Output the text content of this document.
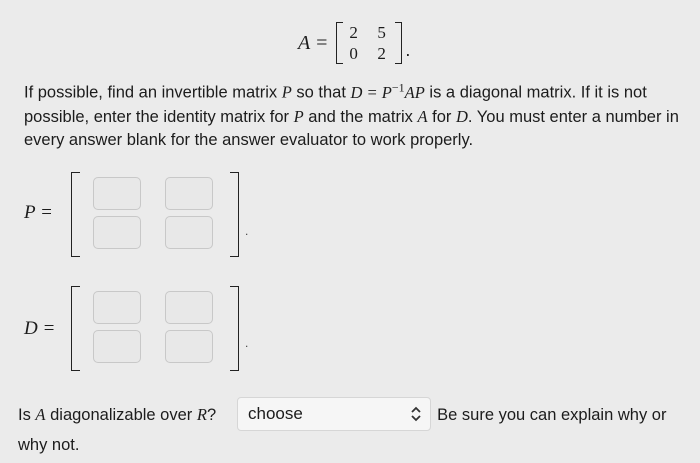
A = 2 5
0 2 .

If possible, find an invertible matrix P so that $D = P^{-1}AP$ is a diagonal matrix. If it is not possible, enter the identity matrix for P and the matrix A for D. You must enter a number in every answer blank for the answer evaluator to work properly.

P =
.
D =
.
Is A diagonalizable over R?	Be sure you can explain why or why not.
choose
